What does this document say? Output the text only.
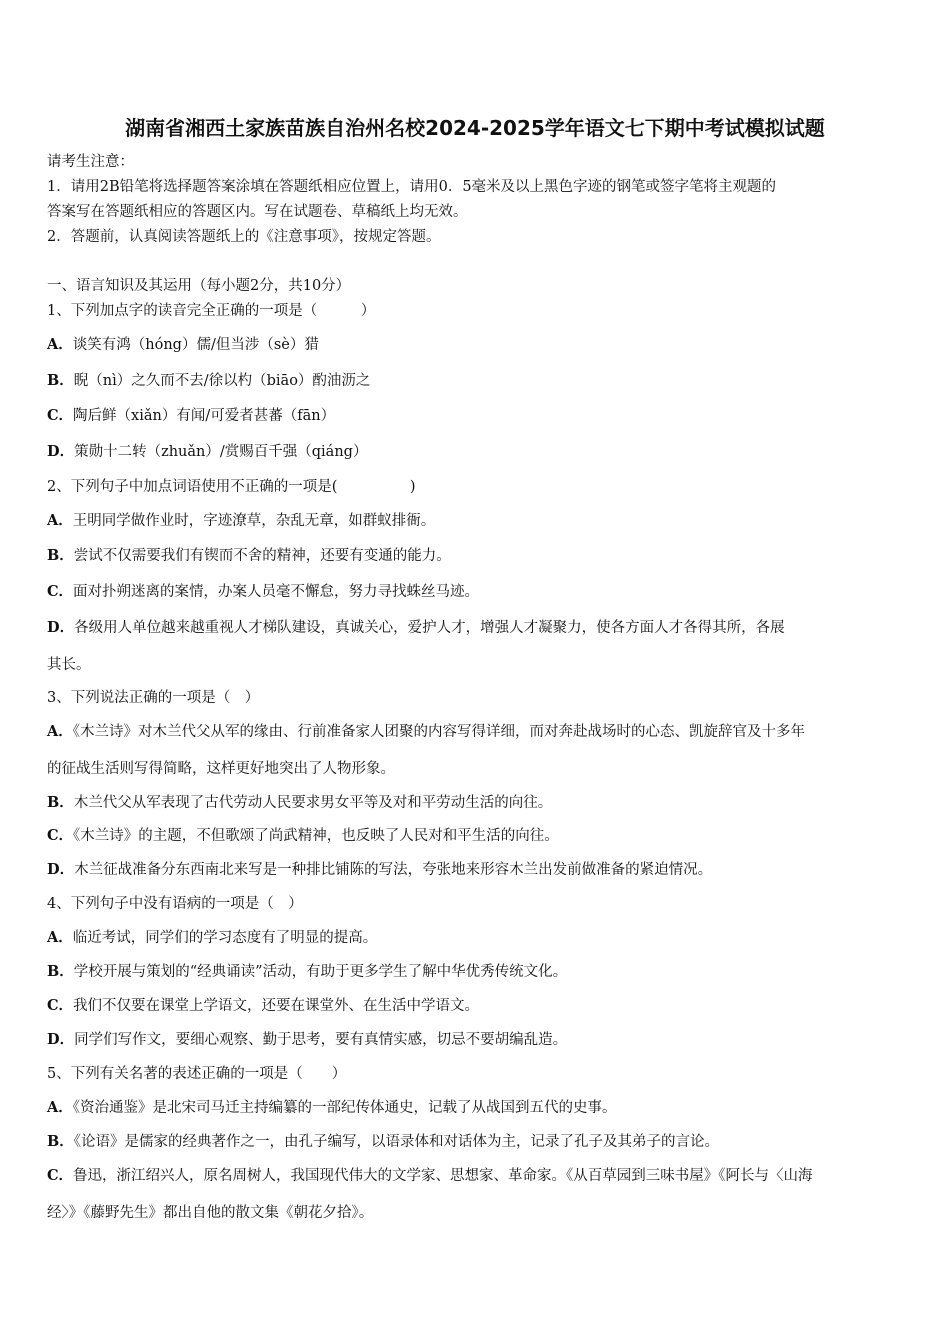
湖南省湘西土家族苗族自治州名校2024-2025学年语文七下期中考试模拟试题
请考生注意：
1．请用2B铅笔将选择题答案涂填在答题纸相应位置上，请用0．5毫米及以上黑色字迹的钢笔或签字笔将主观题的
答案写在答题纸相应的答题区内。写在试题卷、草稿纸上均无效。
2．答题前，认真阅读答题纸上的《注意事项》，按规定答题。
一、语言知识及其运用（每小题2分，共10分）
1、下列加点字的读音完全正确的一项是（　　　）
A．谈笑有鸿（hóng）儒/但当涉（sè）猎
B．睨（nì）之久而不去/徐以杓（biāo）酌油沥之
C．陶后鲜（xiǎn）有闻/可爱者甚蕃（fān）
D．策勋十二转（zhuǎn）/赏赐百千强（qiáng）
2、下列句子中加点词语使用不正确的一项是(　　　　　)
A．王明同学做作业时，字迹潦草，杂乱无章，如群蚁排衙。
B．尝试不仅需要我们有锲而不舍的精神，还要有变通的能力。
C．面对扑朔迷离的案情，办案人员毫不懈怠，努力寻找蛛丝马迹。
D．各级用人单位越来越重视人才梯队建设，真诚关心，爱护人才，增强人才凝聚力，使各方面人才各得其所，各展
其长。
3、下列说法正确的一项是（　）
A．《木兰诗》对木兰代父从军的缘由、行前准备家人团聚的内容写得详细，而对奔赴战场时的心态、凯旋辞官及十多年
的征战生活则写得简略，这样更好地突出了人物形象。
B．木兰代父从军表现了古代劳动人民要求男女平等及对和平劳动生活的向往。
C．《木兰诗》的主题，不但歌颂了尚武精神，也反映了人民对和平生活的向往。
D．木兰征战准备分东西南北来写是一种排比铺陈的写法，夸张地来形容木兰出发前做准备的紧迫情况。
4、下列句子中没有语病的一项是（　）
A．临近考试，同学们的学习态度有了明显的提高。
B．学校开展与策划的“经典诵读”活动，有助于更多学生了解中华优秀传统文化。
C．我们不仅要在课堂上学语文，还要在课堂外、在生活中学语文。
D．同学们写作文，要细心观察、勤于思考，要有真情实感，切忌不要胡编乱造。
5、下列有关名著的表述正确的一项是（　　）
A．《资治通鉴》是北宋司马迁主持编纂的一部纪传体通史，记载了从战国到五代的史事。
B．《论语》是儒家的经典著作之一，由孔子编写，以语录体和对话体为主，记录了孔子及其弟子的言论。
C．鲁迅，浙江绍兴人，原名周树人，我国现代伟大的文学家、思想家、革命家。《从百草园到三味书屋》《阿长与〈山海
经〉》《藤野先生》都出自他的散文集《朝花夕拾》。
